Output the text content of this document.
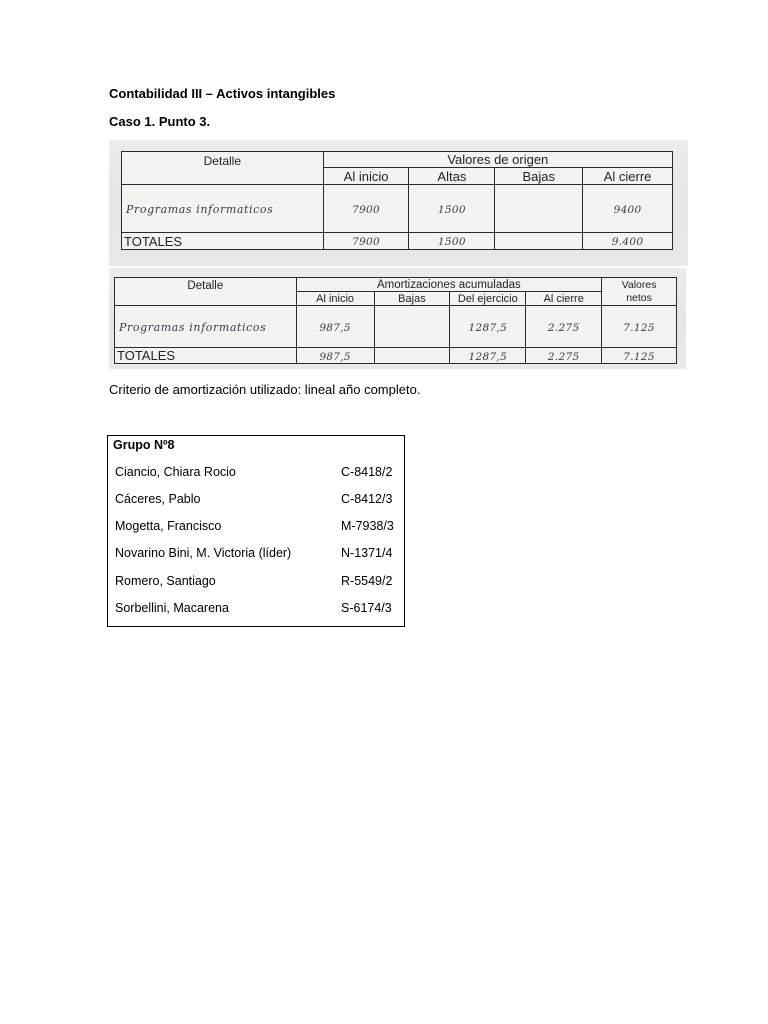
Contabilidad III – Activos intangibles

Caso 1. Punto 3.

Detalle	Valores de origen			
	Al inicio	Altas	Bajas	Al cierre
Programas informaticos	7900	1500		9400
TOTALES	7900	1500		9.400
Detalle	Amortizaciones acumuladas				Valores
netos
	Al inicio	Bajas	Del ejercicio	Al cierre	
Programas informaticos	987,5		1287,5	2.275	7.125
TOTALES	987,5		1287,5	2.275	7.125

Criterio de amortización utilizado: lineal año completo.

Grupo Nº8
Ciancio, Chiara Rocio	C-8418/2
Cáceres, Pablo	C-8412/3
Mogetta, Francisco	M-7938/3
Novarino Bini, M. Victoria (líder)	N-1371/4
Romero, Santiago	R-5549/2
Sorbellini, Macarena	S-6174/3
